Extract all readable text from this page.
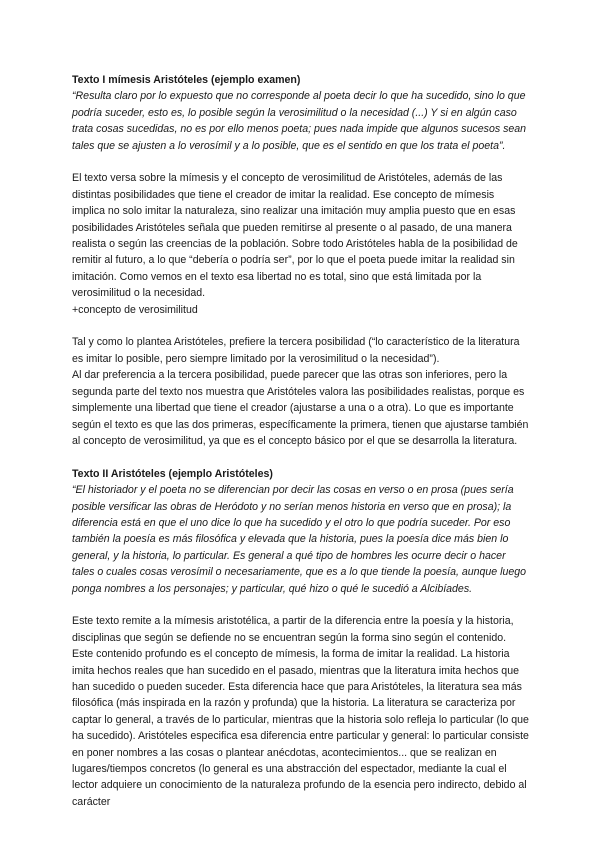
Texto I mímesis Aristóteles (ejemplo examen)

“Resulta claro por lo expuesto que no corresponde al poeta decir lo que ha sucedido, sino lo que podría suceder, esto es, lo posible según la verosimilitud o la necesidad (...) Y si en algún caso trata cosas sucedidas, no es por ello menos poeta; pues nada impide que algunos sucesos sean tales que se ajusten a lo verosímil y a lo posible, que es el sentido en que los trata el poeta”.

El texto versa sobre la mímesis y el concepto de verosimilitud de Aristóteles, además de las distintas posibilidades que tiene el creador de imitar la realidad. Ese concepto de mímesis implica no solo imitar la naturaleza, sino realizar una imitación muy amplia puesto que en esas posibilidades Aristóteles señala que pueden remitirse al presente o al pasado, de una manera realista o según las creencias de la población. Sobre todo Aristóteles habla de la posibilidad de remitir al futuro, a lo que “debería o podría ser”, por lo que el poeta puede imitar la realidad sin imitación. Como vemos en el texto esa libertad no es total, sino que está limitada por la verosimilitud o la necesidad.

+concepto de verosimilitud

Tal y como lo plantea Aristóteles, prefiere la tercera posibilidad (“lo característico de la literatura es imitar lo posible, pero siempre limitado por la verosimilitud o la necesidad”).

Al dar preferencia a la tercera posibilidad, puede parecer que las otras son inferiores, pero la segunda parte del texto nos muestra que Aristóteles valora las posibilidades realistas, porque es simplemente una libertad que tiene el creador (ajustarse a una o a otra). Lo que es importante según el texto es que las dos primeras, específicamente la primera, tienen que ajustarse también al concepto de verosimilitud, ya que es el concepto básico por el que se desarrolla la literatura.

Texto II Aristóteles (ejemplo Aristóteles)

“El historiador y el poeta no se diferencian por decir las cosas en verso o en prosa (pues sería posible versificar las obras de Heródoto y no serían menos historia en verso que en prosa); la diferencia está en que el uno dice lo que ha sucedido y el otro lo que podría suceder. Por eso también la poesía es más filosófica y elevada que la historia, pues la poesía dice más bien lo general, y la historia, lo particular. Es general a qué tipo de hombres les ocurre decir o hacer tales o cuales cosas verosímil o necesariamente, que es a lo que tiende la poesía, aunque luego ponga nombres a los personajes; y particular, qué hizo o qué le sucedió a Alcibíades.

Este texto remite a la mímesis aristotélica, a partir de la diferencia entre la poesía y la historia, disciplinas que según se defiende no se encuentran según la forma sino según el contenido. Este contenido profundo es el concepto de mímesis, la forma de imitar la realidad. La historia imita hechos reales que han sucedido en el pasado, mientras que la literatura imita hechos que han sucedido o pueden suceder. Esta diferencia hace que para Aristóteles, la literatura sea más filosófica (más inspirada en la razón y profunda) que la historia. La literatura se caracteriza por captar lo general, a través de lo particular, mientras que la historia solo refleja lo particular (lo que ha sucedido). Aristóteles especifica esa diferencia entre particular y general: lo particular consiste en poner nombres a las cosas o plantear anécdotas, acontecimientos... que se realizan en lugares/tiempos concretos (lo general es una abstracción del espectador, mediante la cual el lector adquiere un conocimiento de la naturaleza profundo de la esencia pero indirecto, debido al carácter
